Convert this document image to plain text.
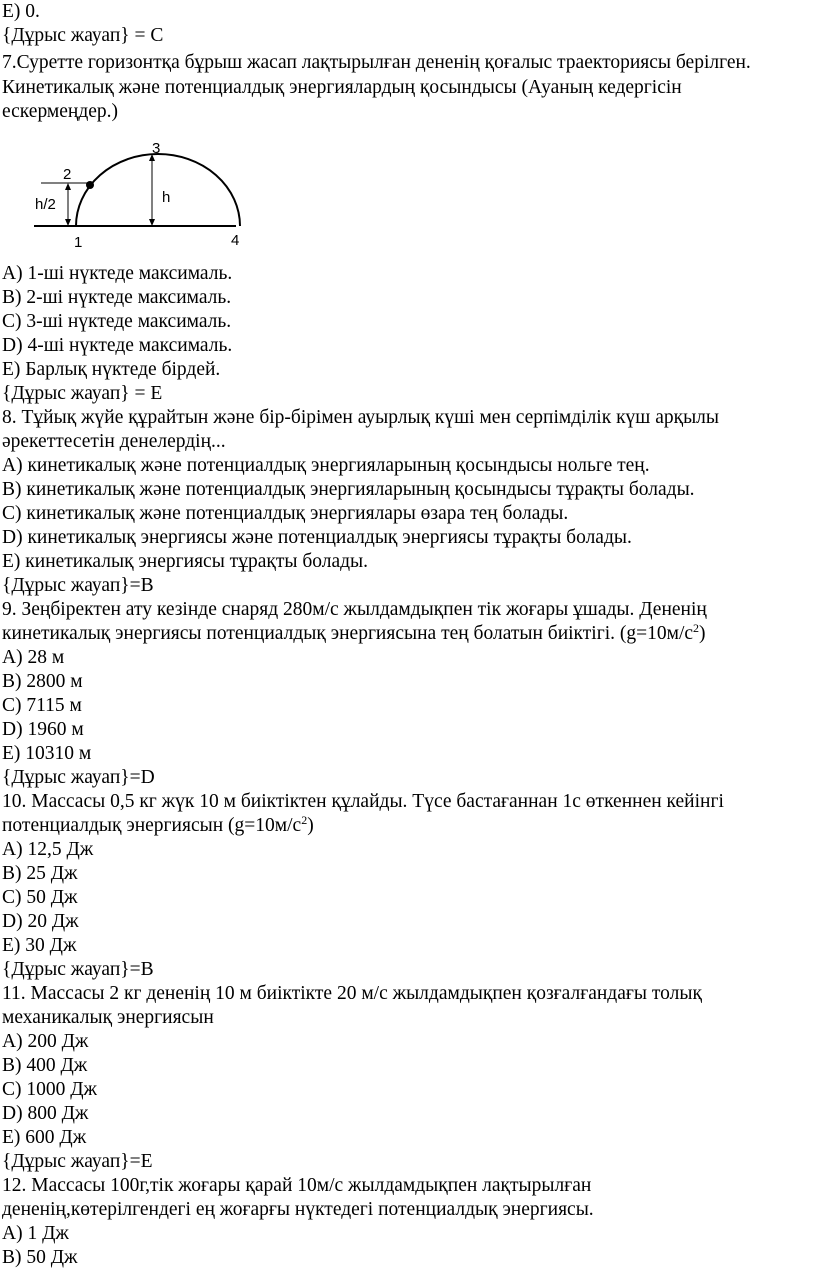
E) 0.
{Дұрыс жауап} = C
7.Суретте горизонтқа бұрыш жасап лақтырылған дененің қоғалыс траекториясы берілген.
Кинетикалық және потенциалдық энергиялардың қосындысы (Ауаның кедергісін
ескермеңдер.)
1
2
3
4
h
h/2
A) 1-ші нүктеде максималь.
B) 2-ші нүктеде максималь.
C) 3-ші нүктеде максималь.
D) 4-ші нүктеде максималь.
E) Барлық нүктеде бірдей.
{Дұрыс жауап} = E
8. Тұйық жүйе құрайтын және бір-бірімен ауырлық күші мен серпімділік күш арқылы
әрекеттесетін денелердің...
A) кинетикалық және потенциалдық энергияларының қосындысы нольге тең.
B) кинетикалық және потенциалдық энергияларының қосындысы тұрақты болады.
C) кинетикалық және потенциалдық энергиялары өзара тең болады.
D) кинетикалық энергиясы және потенциалдық энергиясы тұрақты болады.
E) кинетикалық энергиясы тұрақты болады.
{Дұрыс жауап}=B
9. Зеңбіректен ату кезінде снаряд 280м/с жылдамдықпен тік жоғары ұшады. Дененің
кинетикалық энергиясы потенциалдық энергиясына тең болатын биіктігі. $(g=10м/с^2)$
A) 28 м
B) 2800 м
C) 7115 м
D) 1960 м
E) 10310 м
{Дұрыс жауап}=D
10. Массасы 0,5 кг жүк 10 м биіктіктен құлайды. Түсе бастағаннан 1с өткеннен кейінгі
потенциалдық энергиясын $(g=10м/с^2)$
A) 12,5 Дж
B) 25 Дж
C) 50 Дж
D) 20 Дж
E) 30 Дж
{Дұрыс жауап}=B
11. Массасы 2 кг дененің 10 м биіктікте 20 м/с жылдамдықпен қозғалғандағы толық
механикалық энергиясын
A) 200 Дж
B) 400 Дж
C) 1000 Дж
D) 800 Дж
E) 600 Дж
{Дұрыс жауап}=E
12. Массасы 100г,тік жоғары қарай 10м/с жылдамдықпен лақтырылған
дененің,көтерілгендегі ең жоғарғы нүктедегі потенциалдық энергиясы.
A) 1 Дж
B) 50 Дж
